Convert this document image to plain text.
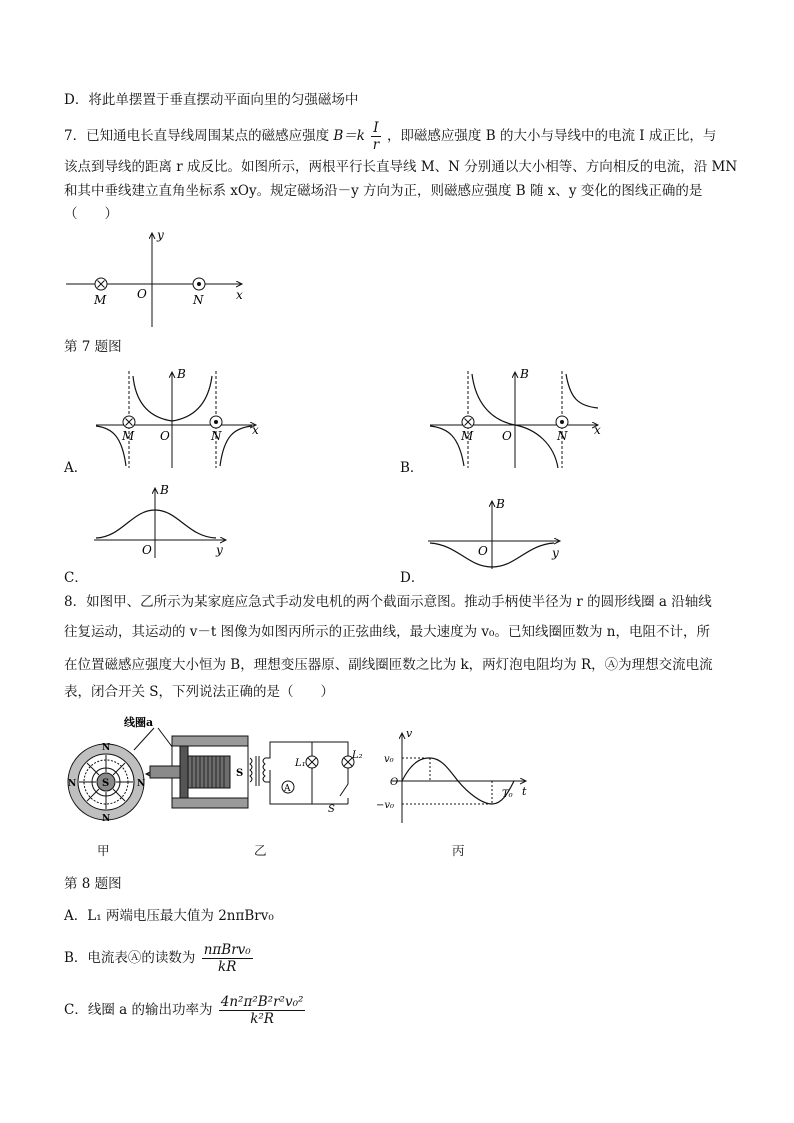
D．将此单摆置于垂直摆动平面向里的匀强磁场中
7．已知通电长直导线周围某点的磁感应强度 $B=k \frac{I}{r}$ ，即磁感应强度 B 的大小与导线中的电流 I 成正比，与
该点到导线的距离 r 成反比。如图所示，两根平行长直导线 M、N 分别通以大小相等、方向相反的电流，沿 MN
和其中垂线建立直角坐标系 xOy。规定磁场沿－y 方向为正，则磁感应强度 B 随 x、y 变化的图线正确的是
（　　）
y
x
O
M	N
第 7 题图
B
O
M	N	x
A．
B
O
M	N x
B．
B
O	y
C．
B
O	y
D．
8．如图甲、乙所示为某家庭应急式手动发电机的两个截面示意图。推动手柄使半径为 r 的圆形线圈 a 沿轴线
往复运动，其运动的 v－t 图像为如图丙所示的正弦曲线，最大速度为 v₀。已知线圈匝数为 n，电阻不计，所
在位置磁感应强度大小恒为 B，理想变压器原、副线圈匝数之比为 k，两灯泡电阻均为 R，Ⓐ为理想交流电流
表，闭合开关 S，下列说法正确的是（　　）
N
N
N	N
S
甲
线圈a
S
A
L₁
L₂
S
乙
v
v₀
−v₀
O
T₀ t
丙
第 8 题图
A．L₁ 两端电压最大值为 2nπBrv₀
B．电流表Ⓐ的读数为 $\frac{\text{nπBrv₀}}{kR}$
C．线圈 a 的输出功率为 $\frac{\text{4n²π²B²r²v₀²}}{\text{k²R}}$
